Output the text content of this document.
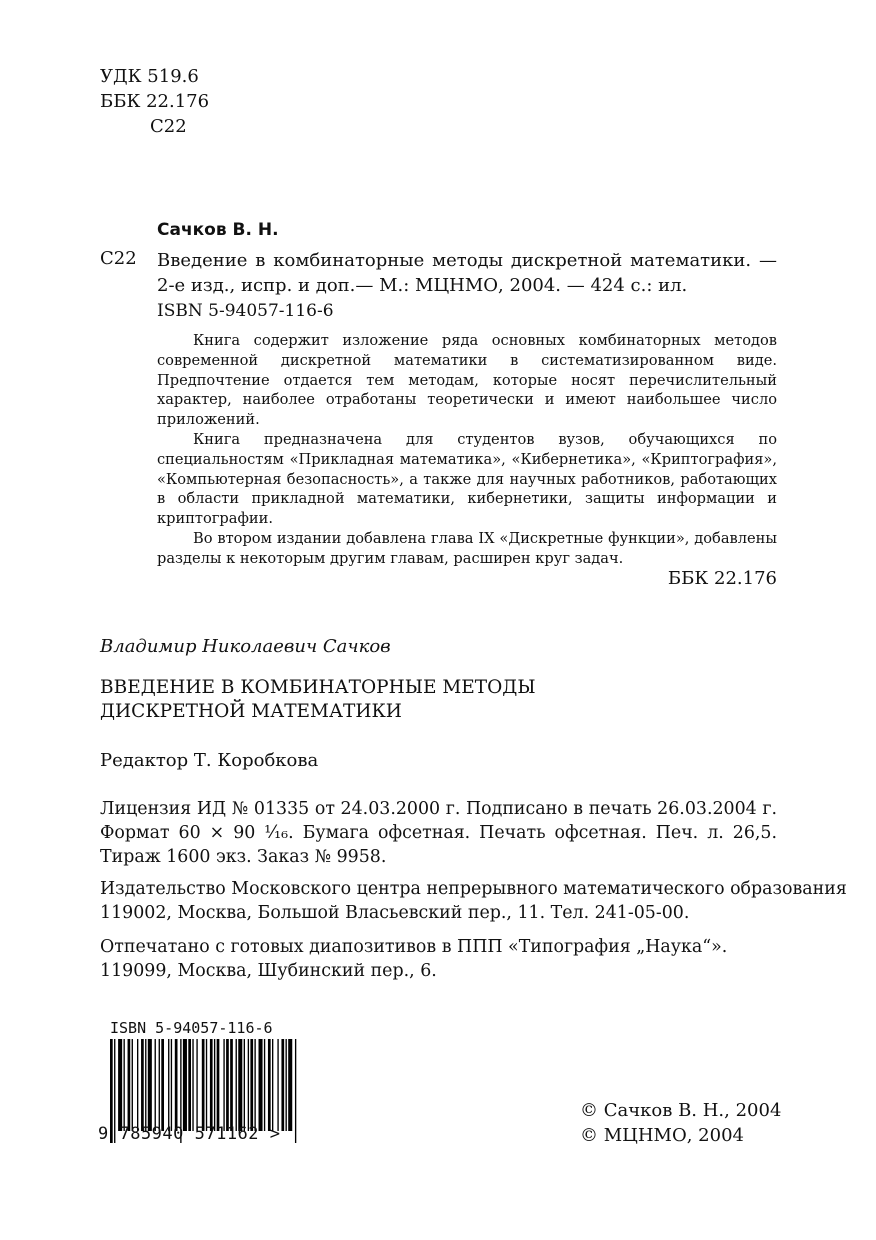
УДК 519.6
ББК 22.176
С22
Сачков В. Н.
С22 Введение в комбинаторные методы дискретной математики. — 2-е изд., испр. и доп.— М.: МЦНМО, 2004. — 424 с.: ил.
ISBN 5-94057-116-6

Книга содержит изложение ряда основных комбинаторных методов современной дискретной математики в систематизированном виде. Предпочтение отдается тем методам, которые носят перечислительный характер, наиболее отработаны теоретически и имеют наибольшее число приложений.

Книга предназначена для студентов вузов, обучающихся по специальностям «Прикладная математика», «Кибернетика», «Криптография», «Компьютерная безопасность», а также для научных работников, работающих в области прикладной математики, кибернетики, защиты информации и криптографии.

Во втором издании добавлена глава IX «Дискретные функции», добавлены разделы к некоторым другим главам, расширен круг задач.

ББК 22.176
Владимир Николаевич Сачков
ВВЕДЕНИЕ В КОМБИНАТОРНЫЕ МЕТОДЫ
ДИСКРЕТНОЙ МАТЕМАТИКИ
Редактор Т. Коробкова

Лицензия ИД № 01335 от 24.03.2000 г. Подписано в печать 26.03.2004 г. Формат 60 × 90 ¹⁄₁₆. Бумага офсетная. Печать офсетная. Печ. л. 26,5. Тираж 1600 экз. Заказ № 9958.

Издательство Московского центра непрерывного математического образования
119002, Москва, Большой Власьевский пер., 11. Тел. 241-05-00.
Отпечатано с готовых диапозитивов в ППП «Типография „Наука“».
119099, Москва, Шубинский пер., 6.
ISBN 5-94057-116-6
9 785940 571162 >
© Сачков В. Н., 2004
© МЦНМО, 2004
